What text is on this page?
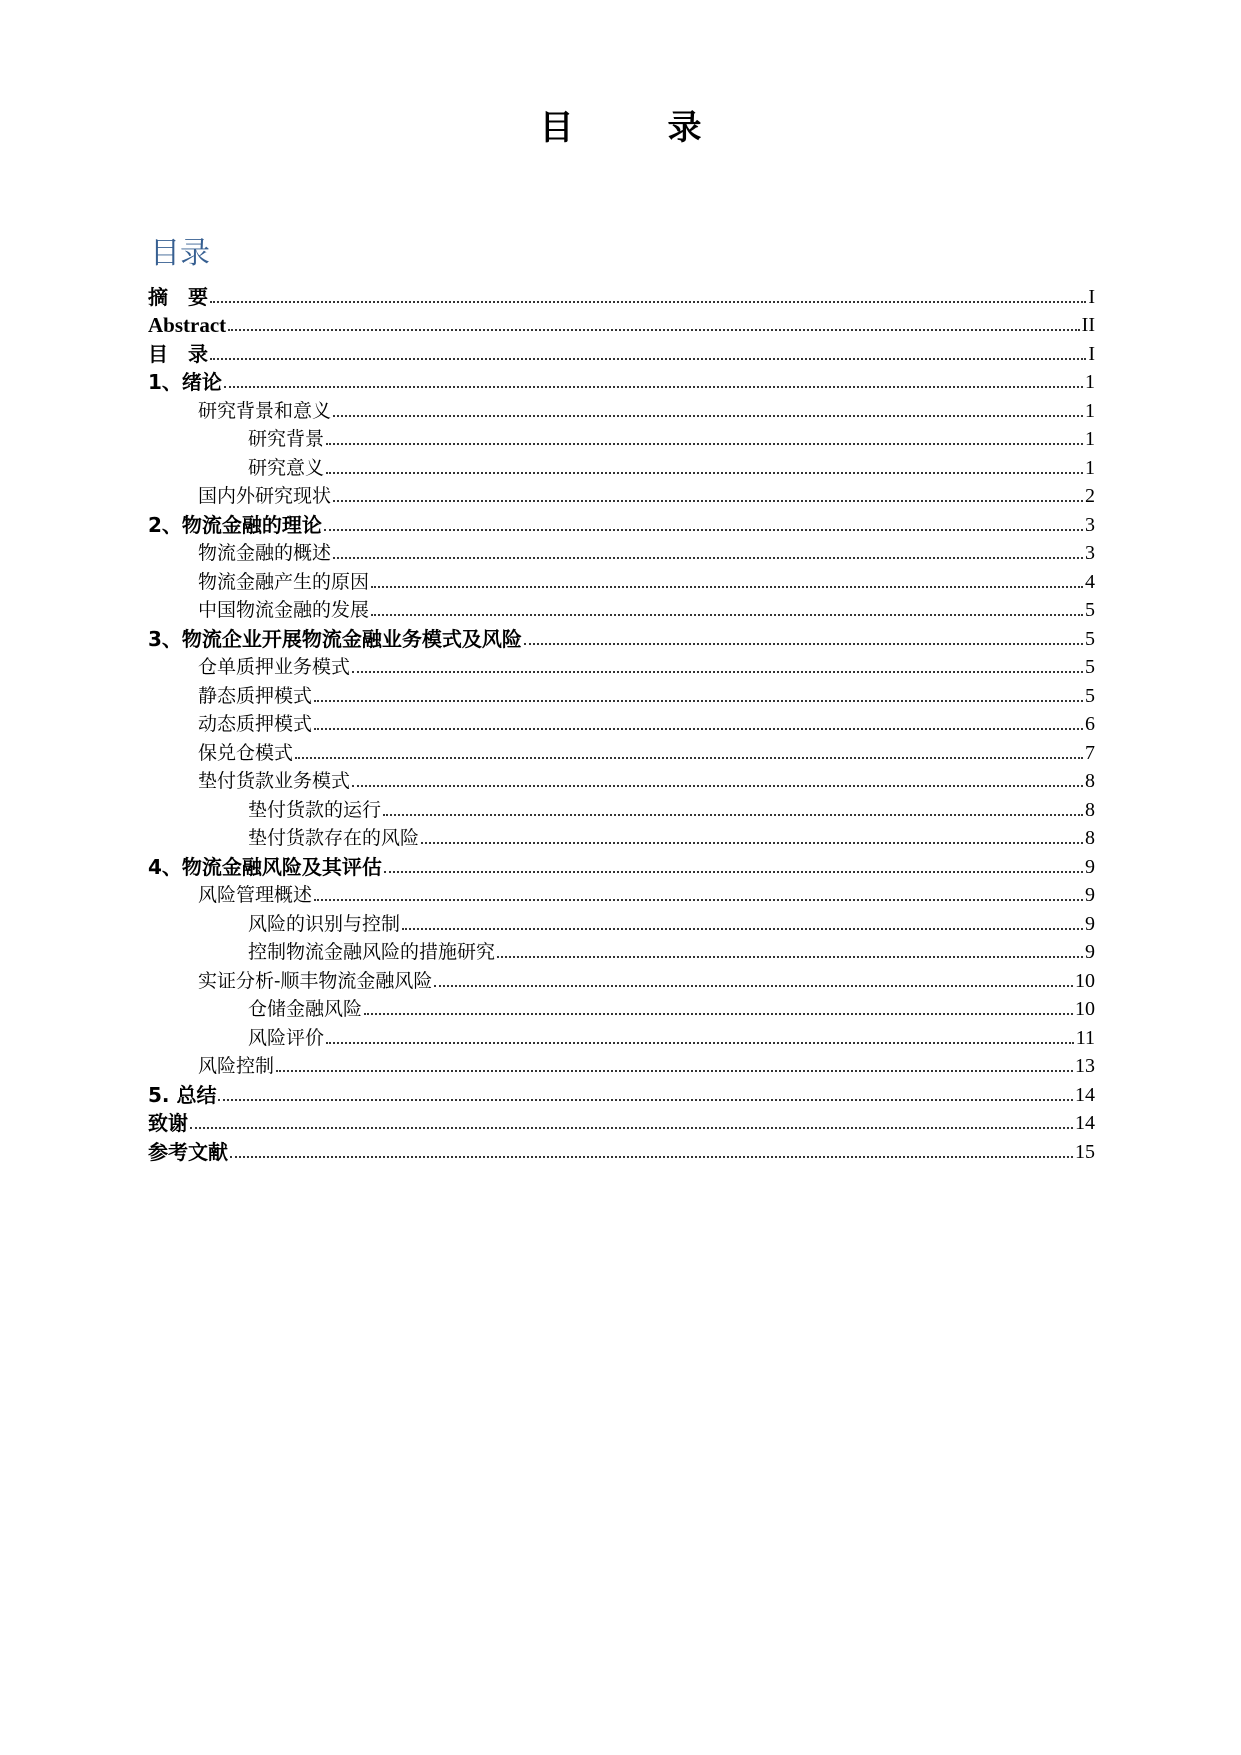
目　录
目录
摘　要	I
Abstract	II
目　录	I
1、绪论	1
研究背景和意义	1
研究背景	1
研究意义	1
国内外研究现状	2
2、物流金融的理论	3
物流金融的概述	3
物流金融产生的原因	4
中国物流金融的发展	5
3、物流企业开展物流金融业务模式及风险	5
仓单质押业务模式	5
静态质押模式	5
动态质押模式	6
保兑仓模式	7
垫付货款业务模式	8
垫付货款的运行	8
垫付货款存在的风险	8
4、物流金融风险及其评估	9
风险管理概述	9
风险的识别与控制	9
控制物流金融风险的措施研究	9
实证分析-顺丰物流金融风险	10
仓储金融风险	10
风险评价	11
风险控制	13
5. 总结	14
致谢	14
参考文献	15
